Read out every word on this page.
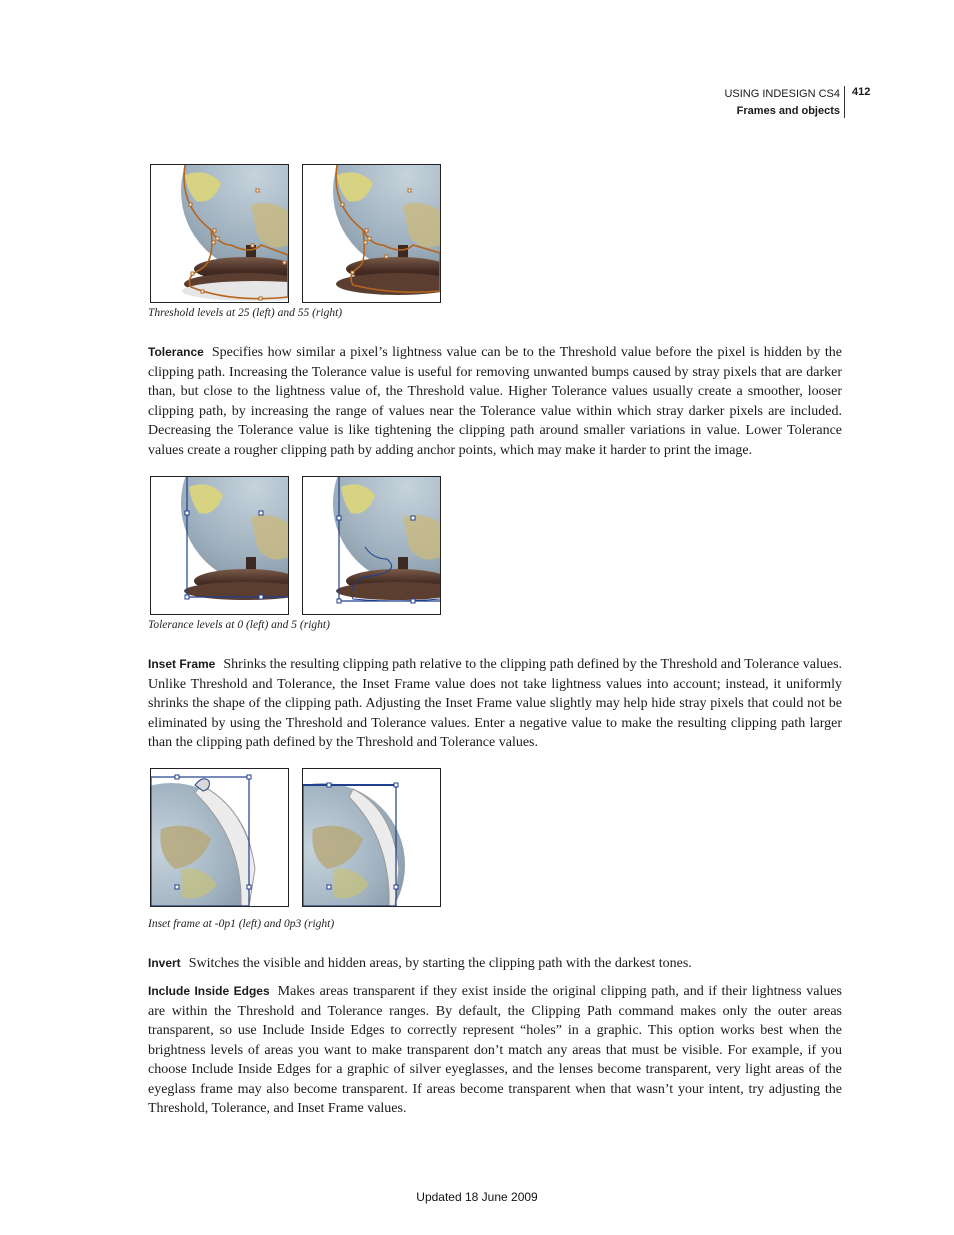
USING INDESIGN CS4
Frames and objects
412
Threshold levels at 25 (left) and 55 (right)
Tolerance Specifies how similar a pixel’s lightness value can be to the Threshold value before the pixel is hidden by the clipping path. Increasing the Tolerance value is useful for removing unwanted bumps caused by stray pixels that are darker than, but close to the lightness value of, the Threshold value. Higher Tolerance values usually create a smoother, looser clipping path, by increasing the range of values near the Tolerance value within which stray darker pixels are included. Decreasing the Tolerance value is like tightening the clipping path around smaller variations in value. Lower Tolerance values create a rougher clipping path by adding anchor points, which may make it harder to print the image.
Tolerance levels at 0 (left) and 5 (right)
Inset Frame Shrinks the resulting clipping path relative to the clipping path defined by the Threshold and Tolerance values. Unlike Threshold and Tolerance, the Inset Frame value does not take lightness values into account; instead, it uniformly shrinks the shape of the clipping path. Adjusting the Inset Frame value slightly may help hide stray pixels that could not be eliminated by using the Threshold and Tolerance values. Enter a negative value to make the resulting clipping path larger than the clipping path defined by the Threshold and Tolerance values.
Inset frame at -0p1 (left) and 0p3 (right)
Invert Switches the visible and hidden areas, by starting the clipping path with the darkest tones.
Include Inside Edges Makes areas transparent if they exist inside the original clipping path, and if their lightness values are within the Threshold and Tolerance ranges. By default, the Clipping Path command makes only the outer areas transparent, so use Include Inside Edges to correctly represent “holes” in a graphic. This option works best when the brightness levels of areas you want to make transparent don’t match any areas that must be visible. For example, if you choose Include Inside Edges for a graphic of silver eyeglasses, and the lenses become transparent, very light areas of the eyeglass frame may also become transparent. If areas become transparent when that wasn’t your intent, try adjusting the Threshold, Tolerance, and Inset Frame values.
Updated 18 June 2009
